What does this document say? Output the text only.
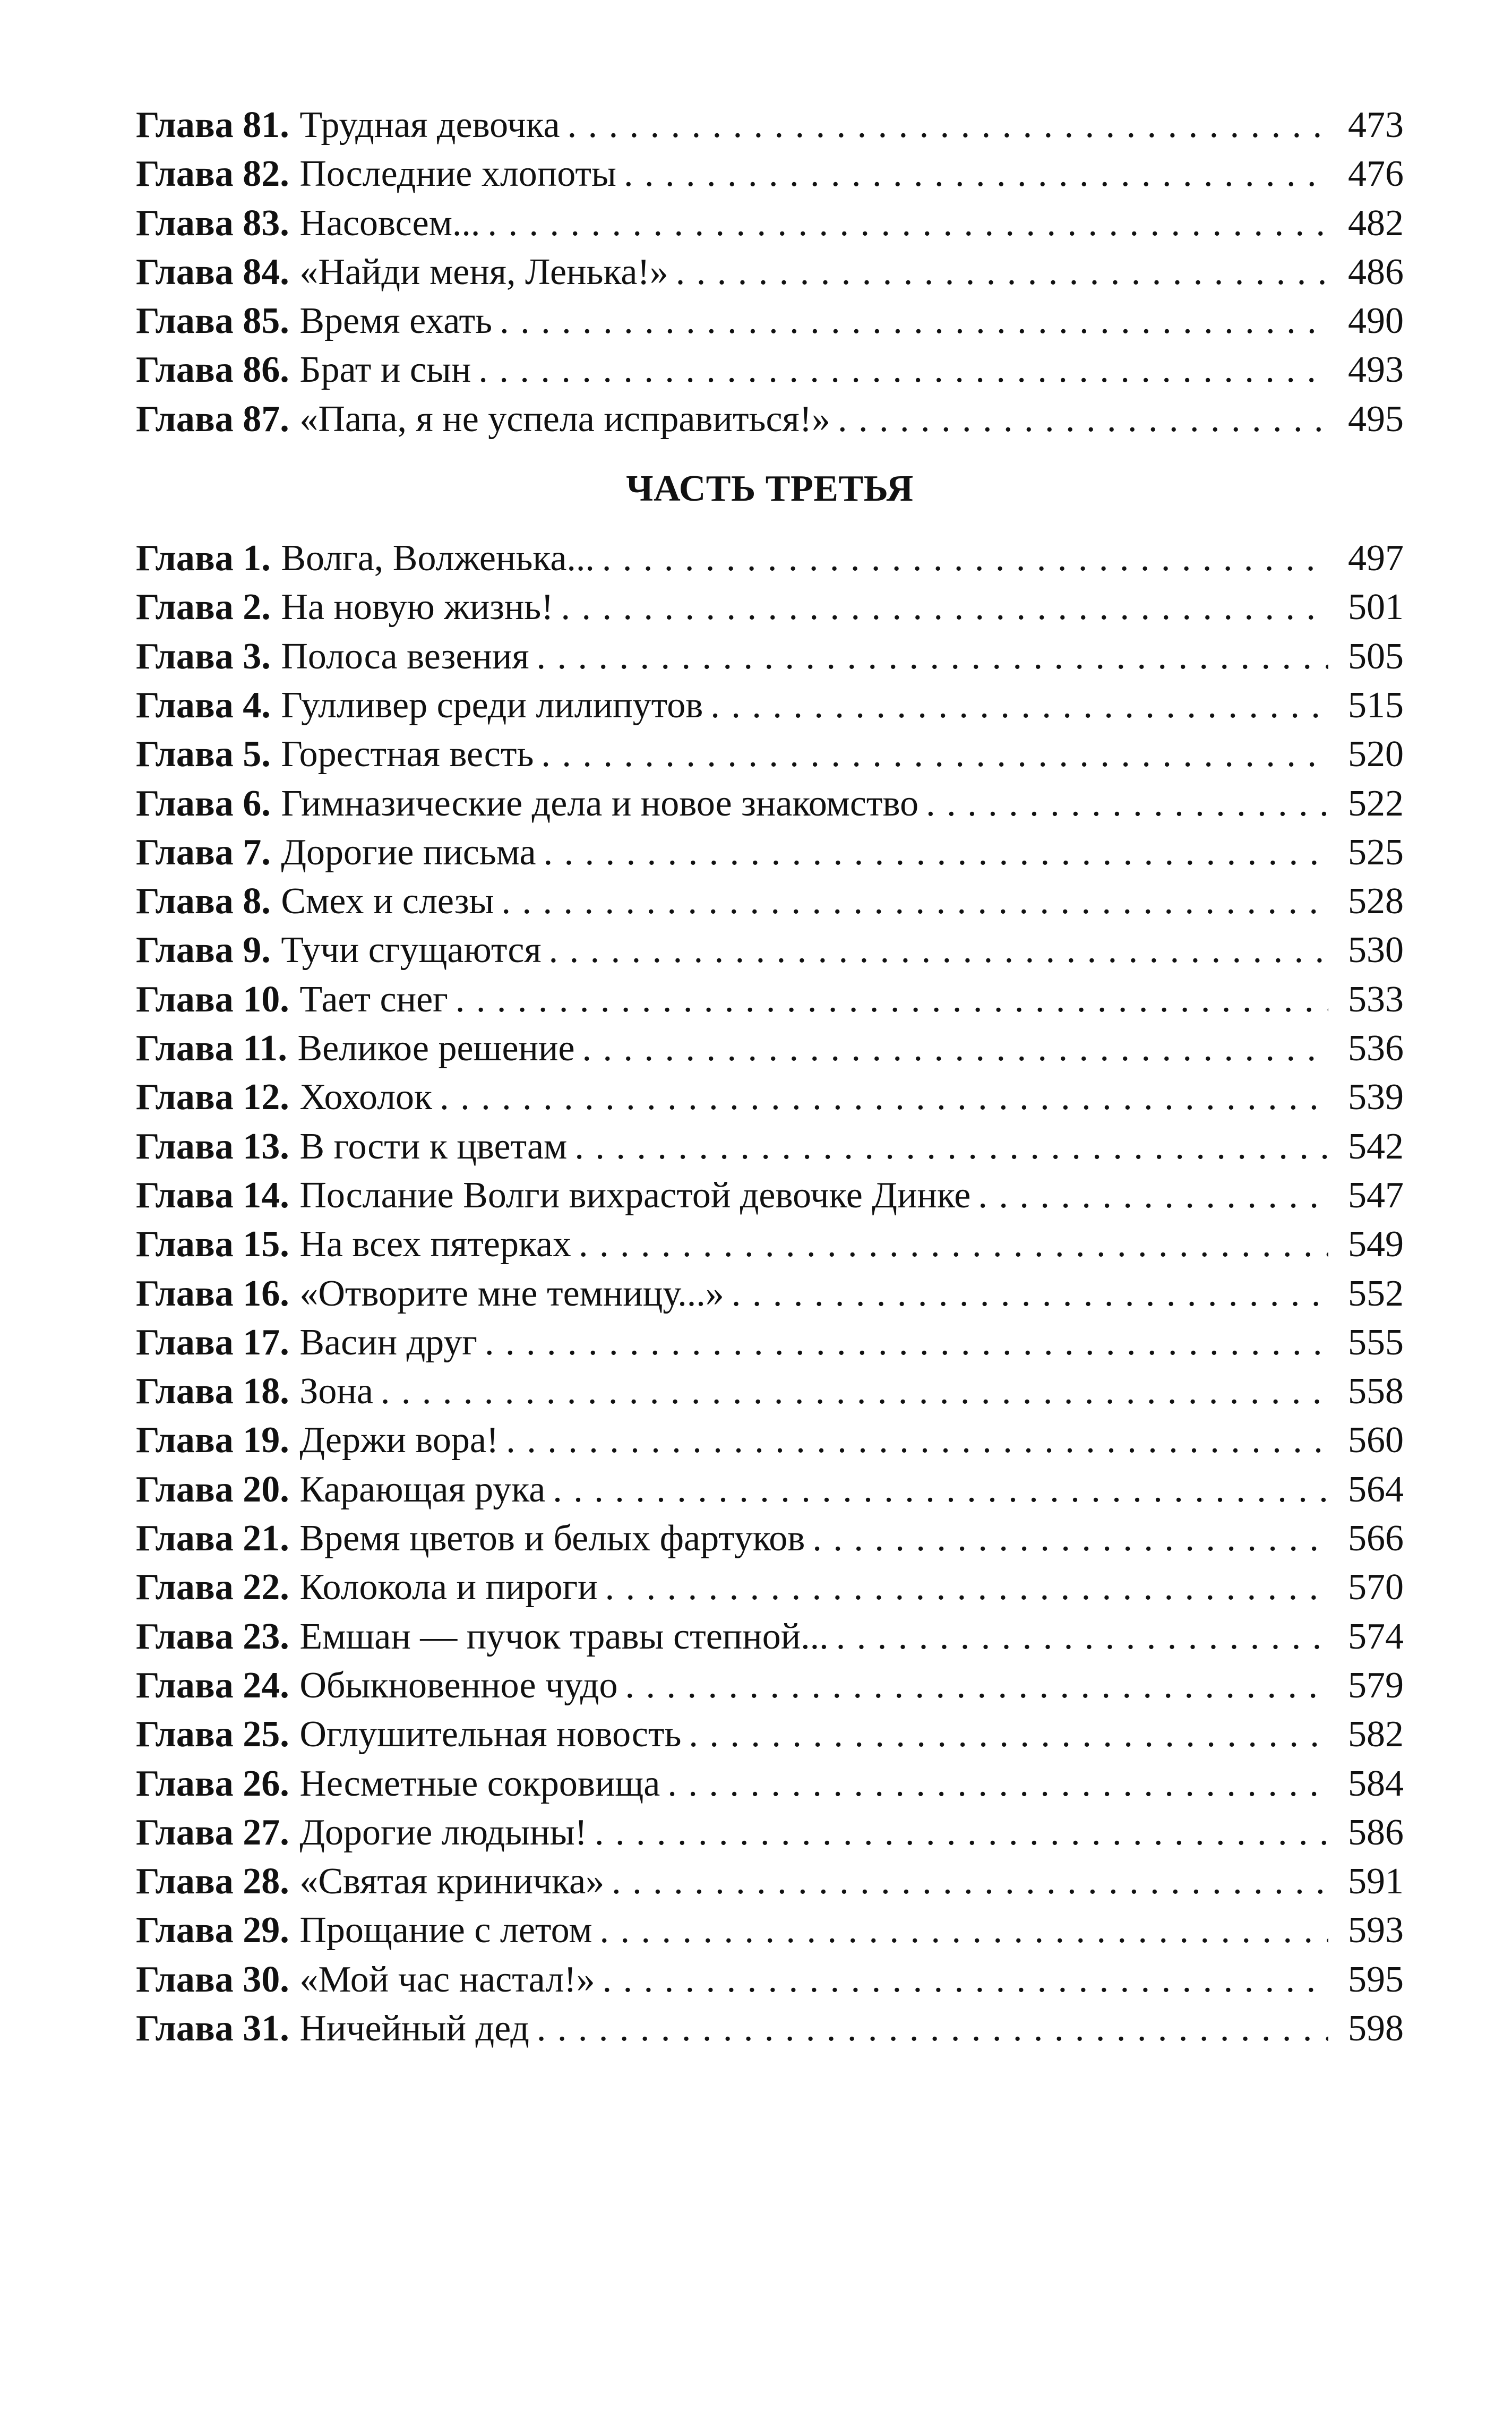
Глава 81. Трудная девочка . . .	473
Глава 82. Последние хлопоты . . .	476
Глава 83. Насовсем... . . .	482
Глава 84. «Найди меня, Ленька!» . . .	486
Глава 85. Время ехать . . .	490
Глава 86. Брат и сын . . .	493
Глава 87. «Папа, я не успела исправиться!» . . .	495
ЧАСТЬ ТРЕТЬЯ
Глава 1. Волга, Волженька... . . .	497
Глава 2. На новую жизнь! . . .	501
Глава 3. Полоса везения . . .	505
Глава 4. Гулливер среди лилипутов . . .	515
Глава 5. Горестная весть . . .	520
Глава 6. Гимназические дела и новое знакомство . . .	522
Глава 7. Дорогие письма . . .	525
Глава 8. Смех и слезы . . .	528
Глава 9. Тучи сгущаются . . .	530
Глава 10. Тает снег . . .	533
Глава 11. Великое решение . . .	536
Глава 12. Хохолок . . .	539
Глава 13. В гости к цветам . . .	542
Глава 14. Послание Волги вихрастой девочке Динке . . .	547
Глава 15. На всех пятерках . . .	549
Глава 16. «Отворите мне темницу...» . . .	552
Глава 17. Васин друг . . .	555
Глава 18. Зона . . .	558
Глава 19. Держи вора! . . .	560
Глава 20. Карающая рука . . .	564
Глава 21. Время цветов и белых фартуков . . .	566
Глава 22. Колокола и пироги . . .	570
Глава 23. Емшан — пучок травы степной... . . .	574
Глава 24. Обыкновенное чудо . . .	579
Глава 25. Оглушительная новость . . .	582
Глава 26. Несметные сокровища . . .	584
Глава 27. Дорогие людыны! . . .	586
Глава 28. «Святая криничка» . . .	591
Глава 29. Прощание с летом . . .	593
Глава 30. «Мой час настал!» . . .	595
Глава 31. Ничейный дед . . .	598
